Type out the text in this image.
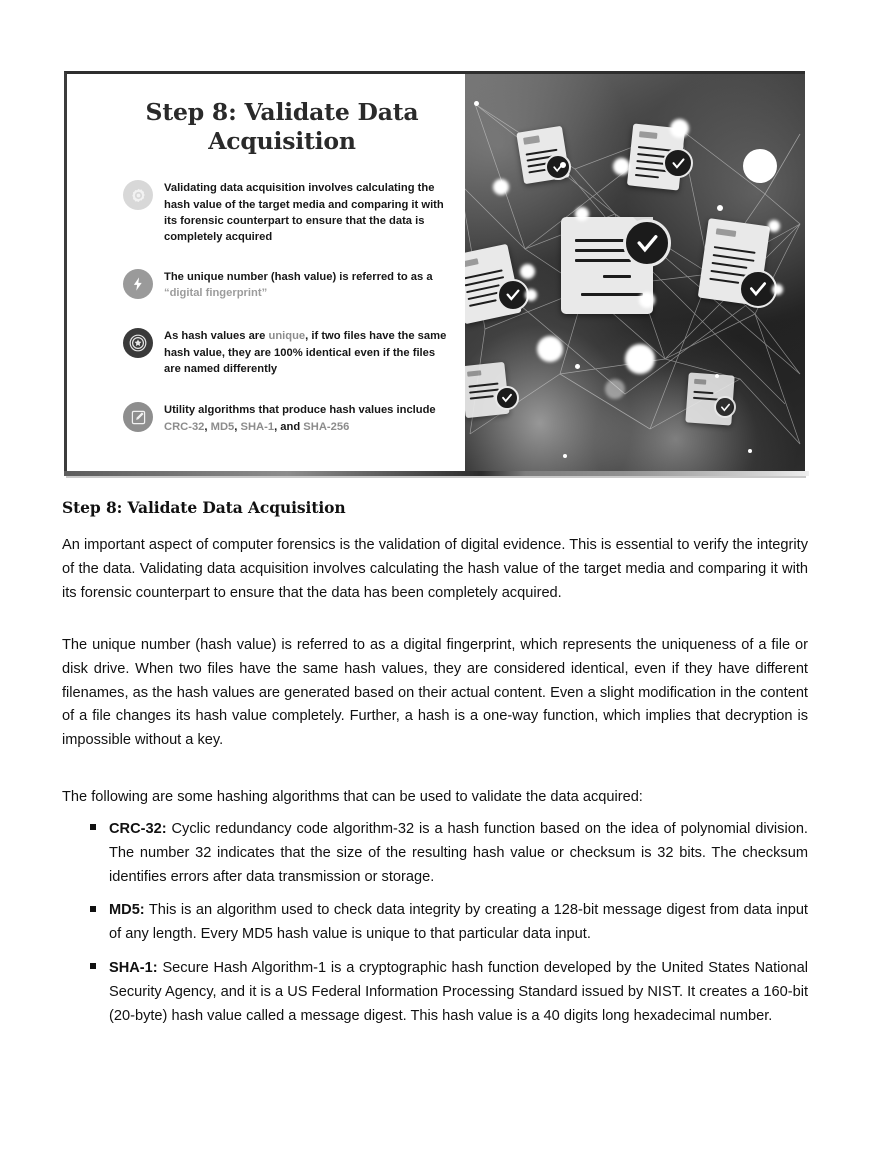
Step 8: Validate Data Acquisition
Validating data acquisition involves calculating the hash value of the target media and comparing it with its forensic counterpart to ensure that the data is completely acquired
The unique number (hash value) is referred to as a
“digital fingerprint”
As hash values are unique, if two files have the same hash value, they are 100% identical even if the files are named differently
Utility algorithms that produce hash values include CRC-32, MD5, SHA-1, and SHA-256
Step 8: Validate Data Acquisition
An important aspect of computer forensics is the validation of digital evidence. This is essential to verify the integrity of the data. Validating data acquisition involves calculating the hash value of the target media and comparing it with its forensic counterpart to ensure that the data has been completely acquired.
The unique number (hash value) is referred to as a digital fingerprint, which represents the uniqueness of a file or disk drive. When two files have the same hash values, they are considered identical, even if they have different filenames, as the hash values are generated based on their actual content. Even a slight modification in the content of a file changes its hash value completely. Further, a hash is a one-way function, which implies that decryption is impossible without a key.
The following are some hashing algorithms that can be used to validate the data acquired:
CRC-32: Cyclic redundancy code algorithm-32 is a hash function based on the idea of polynomial division. The number 32 indicates that the size of the resulting hash value or checksum is 32 bits. The checksum identifies errors after data transmission or storage.
MD5: This is an algorithm used to check data integrity by creating a 128-bit message digest from data input of any length. Every MD5 hash value is unique to that particular data input.
SHA-1: Secure Hash Algorithm-1 is a cryptographic hash function developed by the United States National Security Agency, and it is a US Federal Information Processing Standard issued by NIST. It creates a 160-bit (20-byte) hash value called a message digest. This hash value is a 40 digits long hexadecimal number.
